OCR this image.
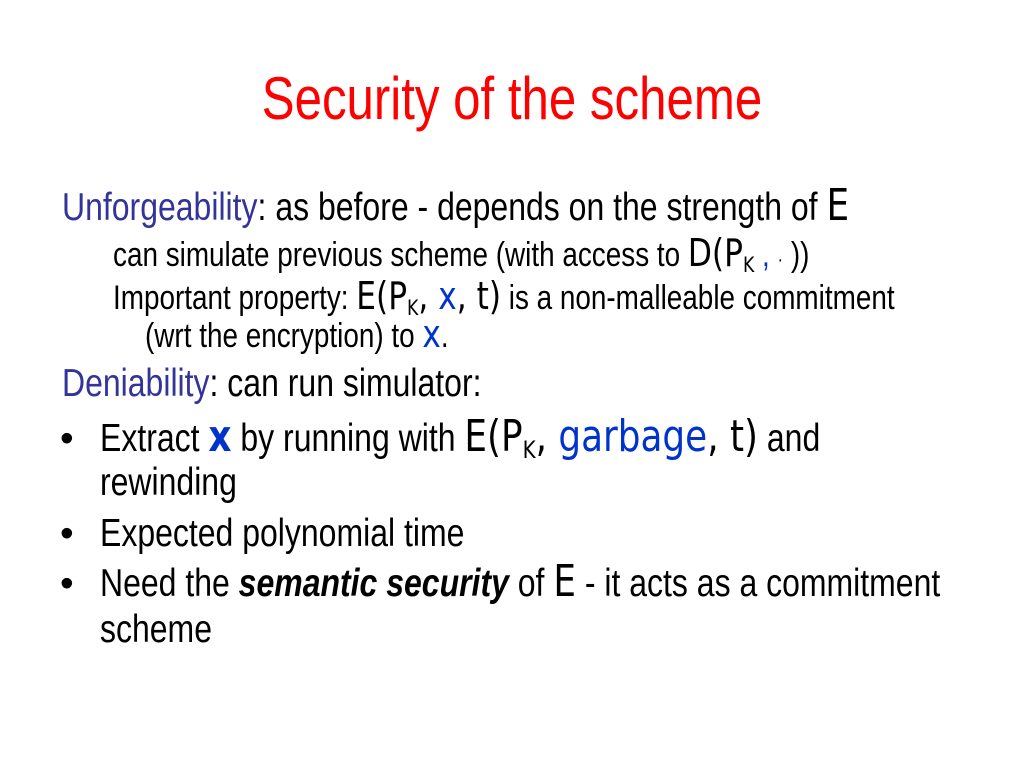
Security of the scheme
Unforgeability: as before - depends on the strength of E
can simulate previous scheme (with access to $D(P_K$ , · ))
Important property: $E(P_K$, x, t) is a non-malleable commitment
(wrt the encryption) to x.
Deniability: can run simulator:
• Extract x by running with $E(P_K$, garbage, t) and
rewinding
• Expected polynomial time
• Need the semantic security of E - it acts as a commitment
scheme
